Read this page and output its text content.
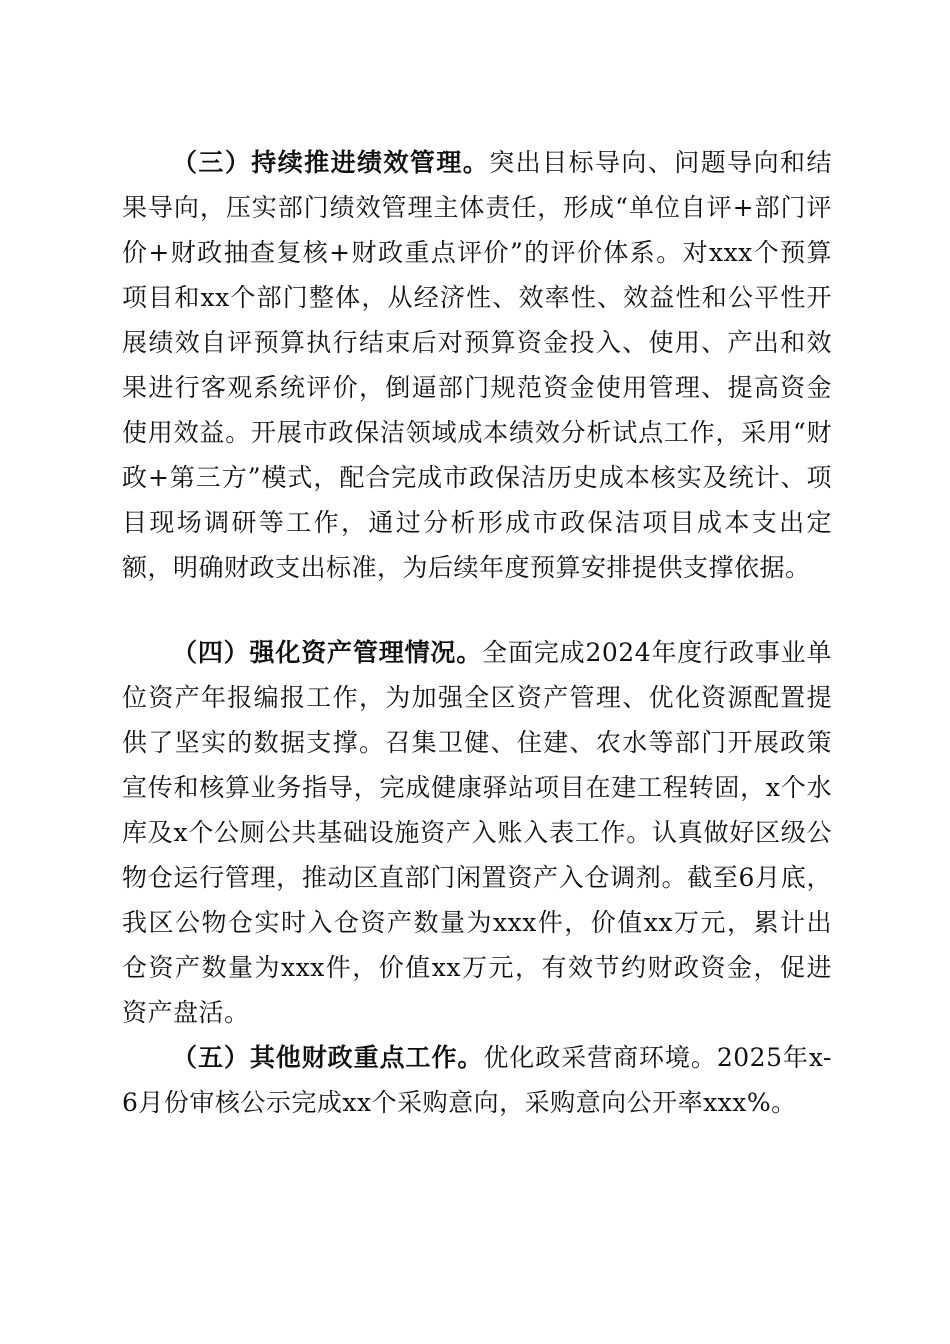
（三）持续推进绩效管理。突出目标导向、问题导向和结果导向，压实部门绩效管理主体责任，形成“单位自评+部门评价+财政抽查复核+财政重点评价”的评价体系。对xxx个预算项目和xx个部门整体，从经济性、效率性、效益性和公平性开展绩效自评预算执行结束后对预算资金投入、使用、产出和效果进行客观系统评价，倒逼部门规范资金使用管理、提高资金使用效益。开展市政保洁领域成本绩效分析试点工作，采用“财政+第三方”模式，配合完成市政保洁历史成本核实及统计、项目现场调研等工作，通过分析形成市政保洁项目成本支出定额，明确财政支出标准，为后续年度预算安排提供支撑依据。

（四）强化资产管理情况。全面完成2024年度行政事业单位资产年报编报工作，为加强全区资产管理、优化资源配置提供了坚实的数据支撑。召集卫健、住建、农水等部门开展政策宣传和核算业务指导，完成健康驿站项目在建工程转固，x个水库及x个公厕公共基础设施资产入账入表工作。认真做好区级公物仓运行管理，推动区直部门闲置资产入仓调剂。截至6月底，我区公物仓实时入仓资产数量为xxx件，价值xx万元，累计出仓资产数量为xxx件，价值xx万元，有效节约财政资金，促进资产盘活。

（五）其他财政重点工作。优化政采营商环境。2025年x-6月份审核公示完成xx个采购意向，采购意向公开率xxx%。
